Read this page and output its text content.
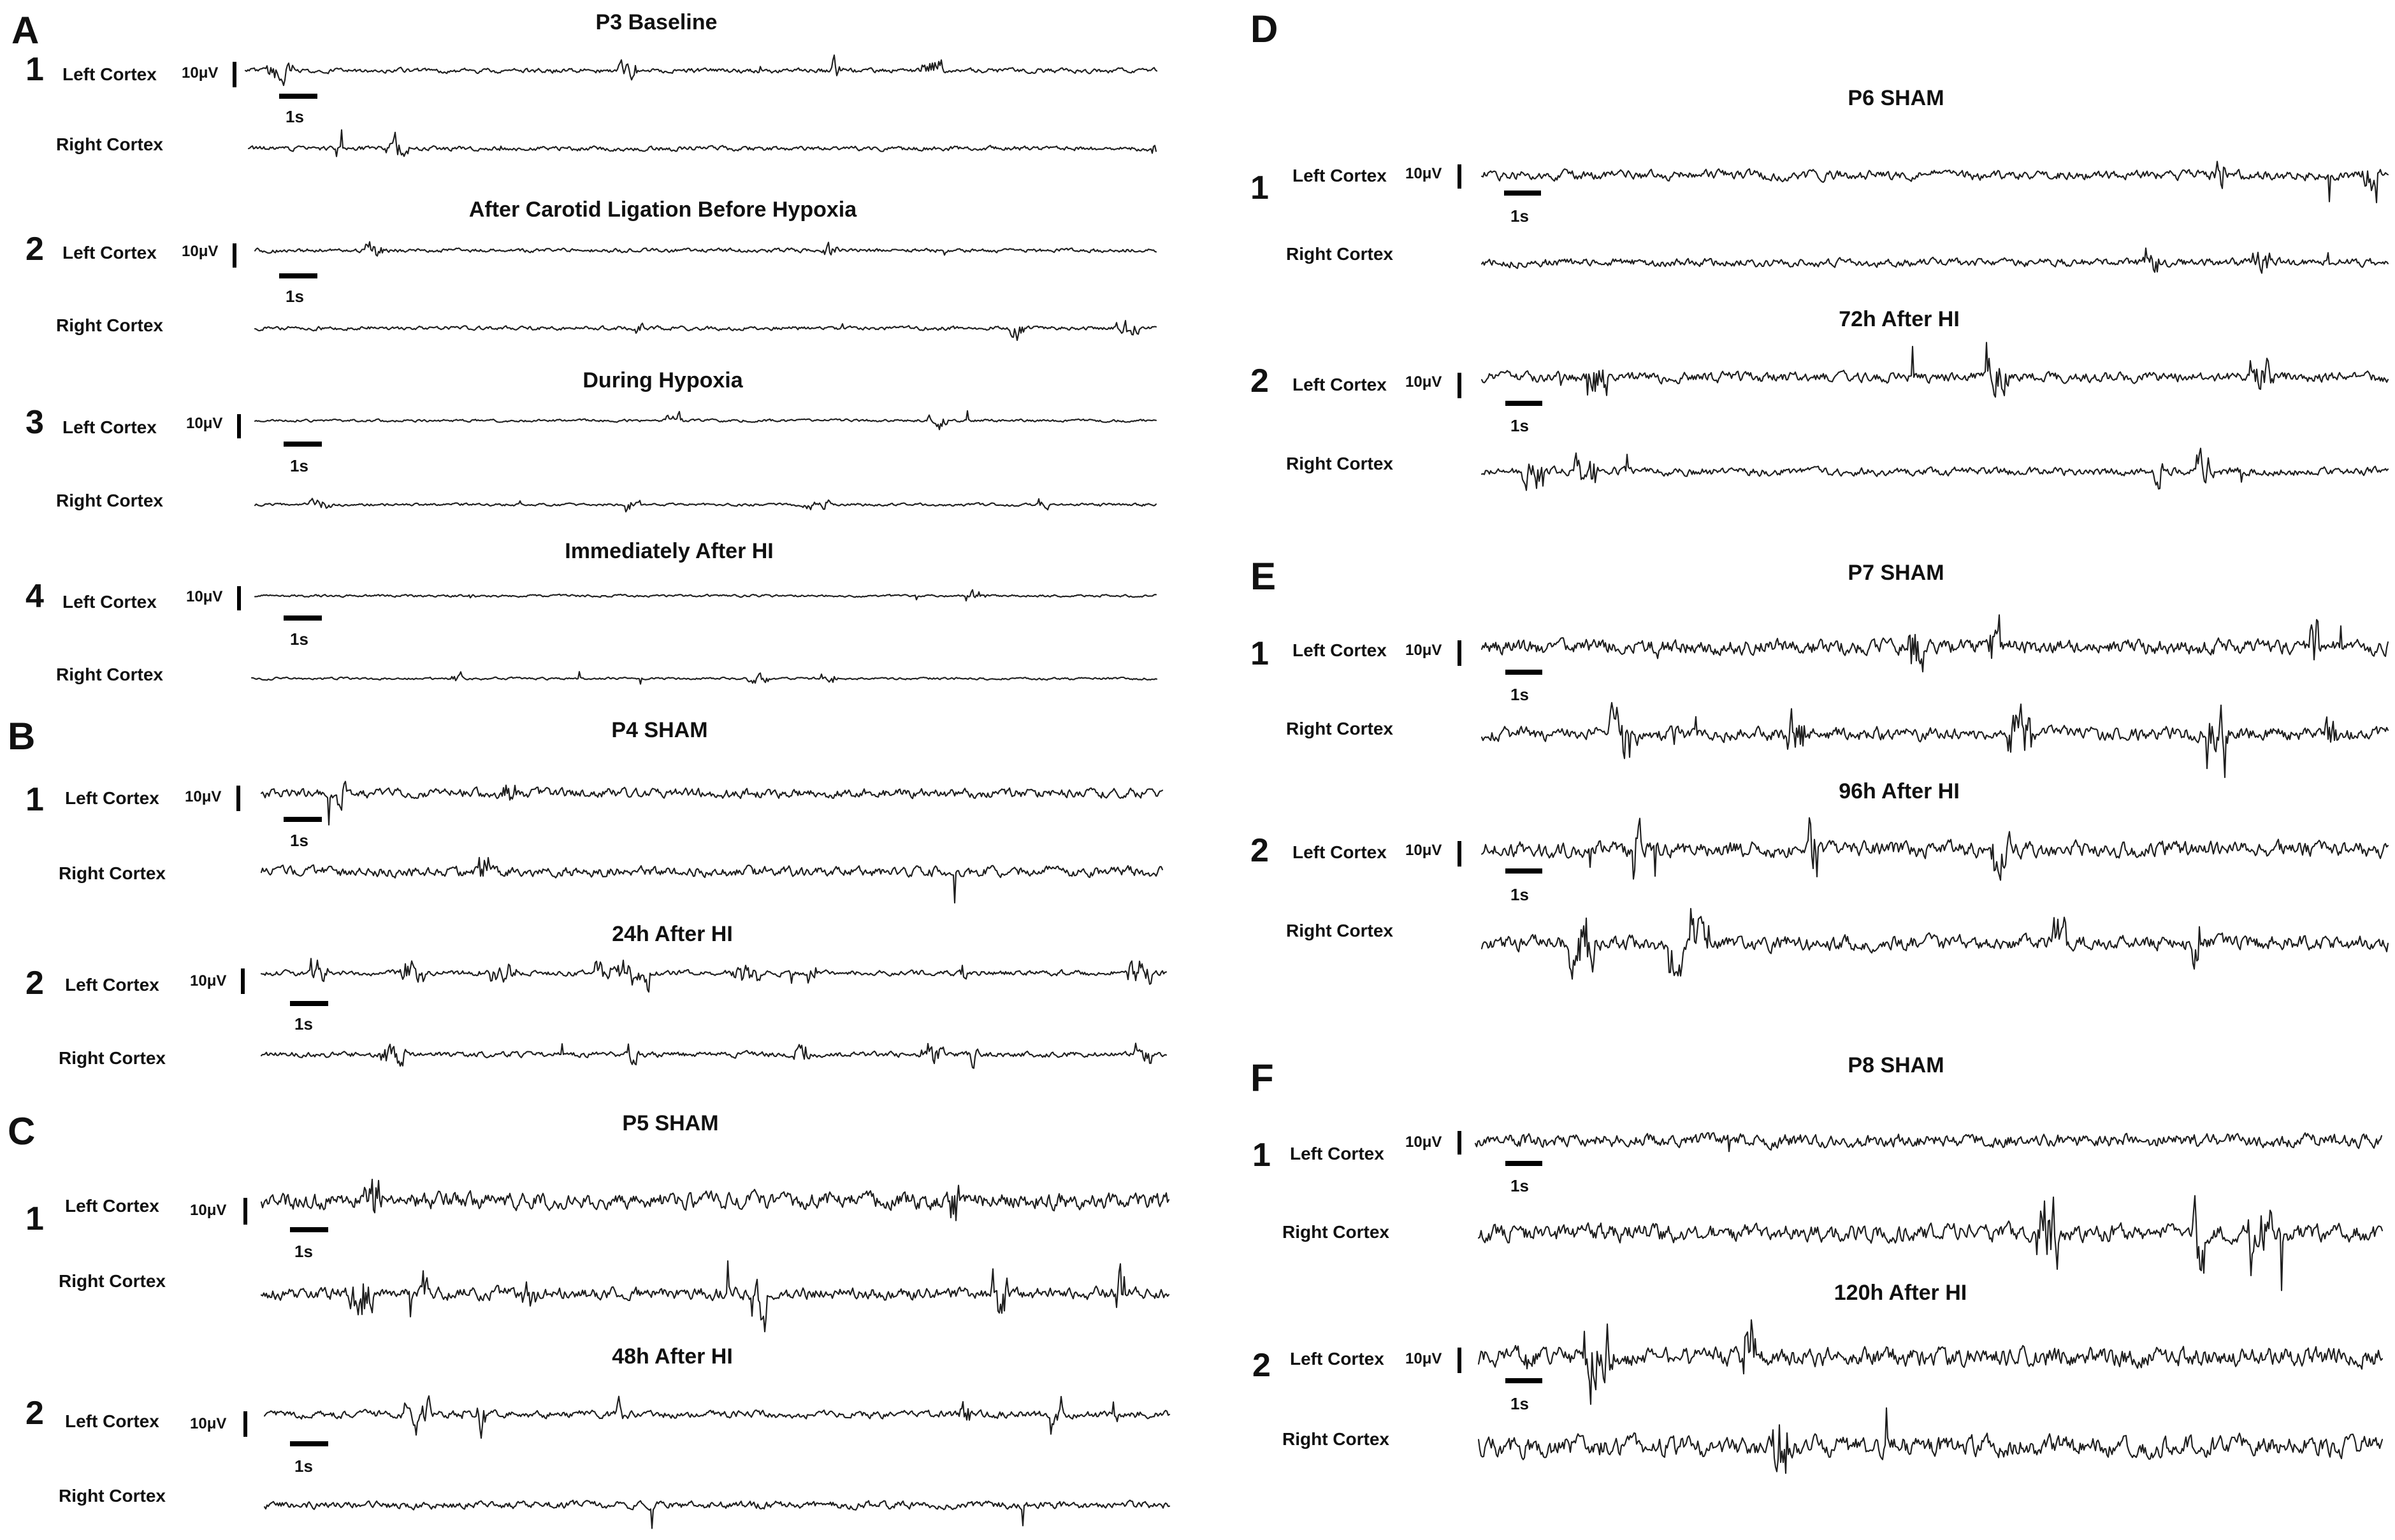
A	P3 Baseline
1 Left Cortex 10μV
1s
Right Cortex
After Carotid Ligation Before Hypoxia
2 Left Cortex 10μV
1s
Right Cortex
During Hypoxia
3 Left Cortex 10μV
1s
Right Cortex
Immediately After HI
4 Left Cortex 10μV
1s
Right Cortex
B	P4 SHAM
1 Left Cortex 10μV
1s
Right Cortex
24h After HI
2 Left Cortex 10μV
1s
Right Cortex
C	P5 SHAM
1 Left Cortex 10μV
1s
Right Cortex
48h After HI
2 Left Cortex 10μV
1s
Right Cortex
D
P6 SHAM
1 Left Cortex 10μV
1s
Right Cortex
72h After HI
2 Left Cortex 10μV
1s
Right Cortex
E	P7 SHAM
1 Left Cortex 10μV
1s
Right Cortex
96h After HI
2 Left Cortex 10μV
1s
Right Cortex
F	P8 SHAM
1 Left Cortex
10μV
1s
Right Cortex
120h After HI
2 Left Cortex 10μV
1s
Right Cortex
